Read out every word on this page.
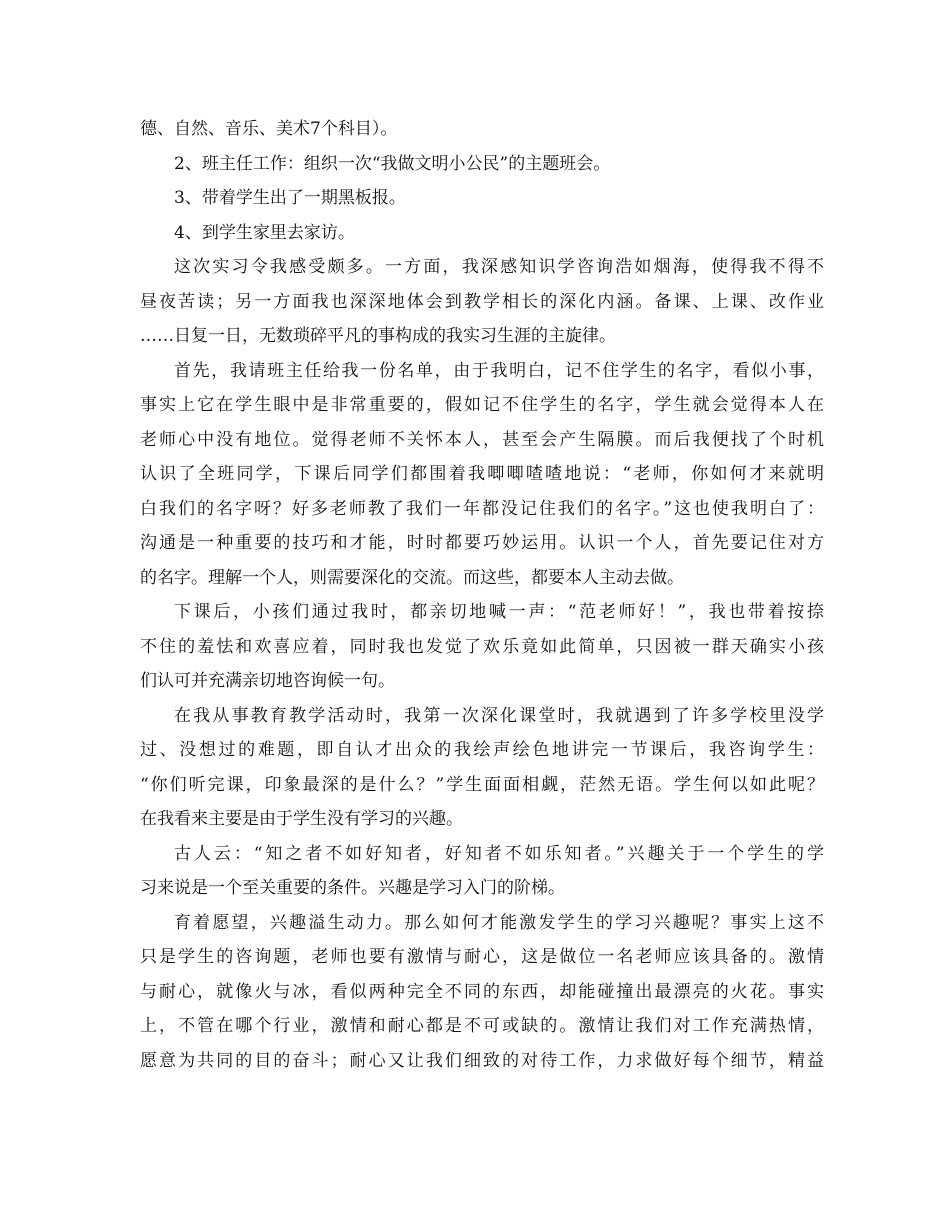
德、自然、音乐、美术7个科目）。
2、班主任工作：组织一次“我做文明小公民”的主题班会。
3、带着学生出了一期黑板报。
4、到学生家里去家访。
这次实习令我感受颇多。一方面，我深感知识学咨询浩如烟海，使得我不得不
昼夜苦读；另一方面我也深深地体会到教学相长的深化内涵。备课、上课、改作业
……日复一日，无数琐碎平凡的事构成的我实习生涯的主旋律。
首先，我请班主任给我一份名单，由于我明白，记不住学生的名字，看似小事，
事实上它在学生眼中是非常重要的，假如记不住学生的名字，学生就会觉得本人在
老师心中没有地位。觉得老师不关怀本人，甚至会产生隔膜。而后我便找了个时机
认识了全班同学，下课后同学们都围着我唧唧喳喳地说：“老师，你如何才来就明
白我们的名字呀？好多老师教了我们一年都没记住我们的名字。”这也使我明白了：
沟通是一种重要的技巧和才能，时时都要巧妙运用。认识一个人，首先要记住对方
的名字。理解一个人，则需要深化的交流。而这些，都要本人主动去做。
下课后，小孩们通过我时，都亲切地喊一声：“范老师好！”，我也带着按捺
不住的羞怯和欢喜应着，同时我也发觉了欢乐竟如此简单，只因被一群天确实小孩
们认可并充满亲切地咨询候一句。
在我从事教育教学活动时，我第一次深化课堂时，我就遇到了许多学校里没学
过、没想过的难题，即自认才出众的我绘声绘色地讲完一节课后，我咨询学生：
“你们听完课，印象最深的是什么？”学生面面相觑，茫然无语。学生何以如此呢？
在我看来主要是由于学生没有学习的兴趣。
古人云：“知之者不如好知者，好知者不如乐知者。”兴趣关于一个学生的学
习来说是一个至关重要的条件。兴趣是学习入门的阶梯。
育着愿望，兴趣溢生动力。那么如何才能激发学生的学习兴趣呢？事实上这不
只是学生的咨询题，老师也要有激情与耐心，这是做位一名老师应该具备的。激情
与耐心，就像火与冰，看似两种完全不同的东西，却能碰撞出最漂亮的火花。事实
上，不管在哪个行业，激情和耐心都是不可或缺的。激情让我们对工作充满热情，
愿意为共同的目的奋斗；耐心又让我们细致的对待工作，力求做好每个细节，精益
